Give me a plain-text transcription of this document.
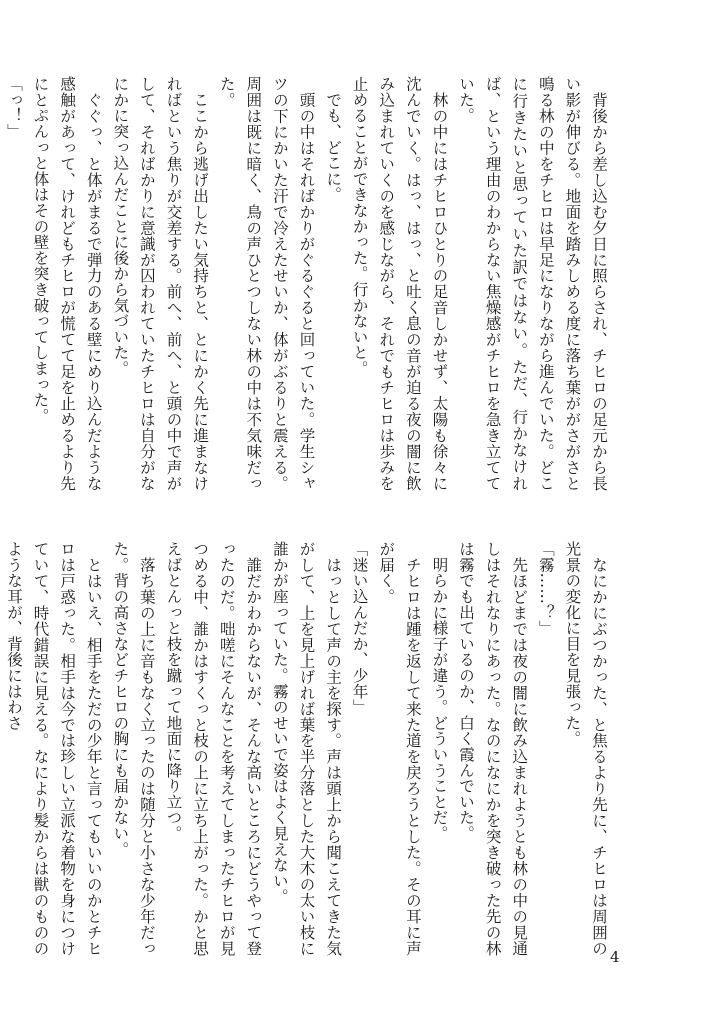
　背後から差し込む夕日に照らされ、チヒロの足元から長い影が伸びる。地面を踏みしめる度に落ち葉ががさがさと鳴る林の中をチヒロは早足になりながら進んでいた。どこに行きたいと思っていた訳ではない。ただ、行かなければ、という理由のわからない焦燥感がチヒロを急き立てていた。

　林の中にはチヒロひとりの足音しかせず、太陽も徐々に沈んでいく。はっ、はっ、と吐く息の音が迫る夜の闇に飲み込まれていくのを感じながら、それでもチヒロは歩みを止めることができなかった。行かないと。

　でも、どこに。

　頭の中はそればかりがぐるぐると回っていた。学生シャツの下にかいた汗で冷えたせいか、体がぶるりと震える。周囲は既に暗く、鳥の声ひとつしない林の中は不気味だった。

　ここから逃げ出したい気持ちと、とにかく先に進まなければという焦りが交差する。前へ、前へ、と頭の中で声がして、そればかりに意識が囚われていたチヒロは自分がなにかに突っ込んだことに後から気づいた。

　ぐぐっ、と体がまるで弾力のある壁にめり込んだような感触があって、けれどもチヒロが慌てて足を止めるより先にとぷんっと体はその壁を突き破ってしまった。

「っ！」

　なにかにぶつかった、と焦るより先に、チヒロは周囲の光景の変化に目を見張った。

「霧……？」

　先ほどまでは夜の闇に飲み込まれようとも林の中の見通しはそれなりにあった。なのになにかを突き破った先の林は霧でも出ているのか、白く霞んでいた。

　明らかに様子が違う。どういうことだ。

　チヒロは踵を返して来た道を戻ろうとした。その耳に声が届く。

「迷い込んだか、少年」

　はっとして声の主を探す。声は頭上から聞こえてきた気がして、上を見上げれば葉を半分落とした大木の太い枝に誰かが座っていた。霧のせいで姿はよく見えない。

　誰だかわからないが、そんな高いところにどうやって登ったのだ。咄嗟にそんなことを考えてしまったチヒロが見つめる中、誰かはすくっと枝の上に立ち上がった。かと思えばとんっと枝を蹴って地面に降り立つ。

　落ち葉の上に音もなく立ったのは随分と小さな少年だった。背の高さなどチヒロの胸にも届かない。

　とはいえ、相手をただの少年と言ってもいいのかとチヒロは戸惑った。相手は今では珍しい立派な着物を身につけていて、時代錯誤に見える。なにより髪からは獣のもののような耳が、背後にはわさ

4
